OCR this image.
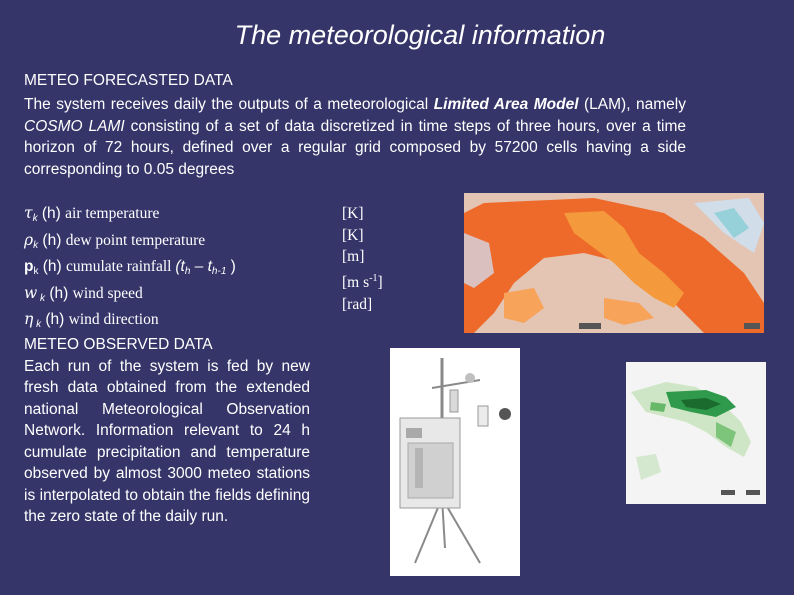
The meteorological information
METEO FORECASTED DATA
The system receives daily the outputs of a meteorological Limited Area Model (LAM), namely COSMO LAMI consisting of a set of data discretized in time steps of three hours, over a time horizon of 72 hours, defined over a regular grid composed by 57200 cells having a side corresponding to 0.05 degrees
$\tau_k$ (h) air temperature
$\rho_k$ (h) dew point temperature
$p_k$ (h) cumulate rainfall ($t_h - t_{h-1}$ )
w $_k$ (h) wind speed
η $_k$ (h) wind direction
[K]
[K]
[m]
[m $s^{-1}$]
[rad]
METEO OBSERVED DATA
Each run of the system is fed by new fresh data obtained from the extended national Meteorological Observation Network. Information relevant to 24 h cumulate precipitation and temperature observed by almost 3000 meteo stations is interpolated to obtain the fields defining the zero state of the daily run.
